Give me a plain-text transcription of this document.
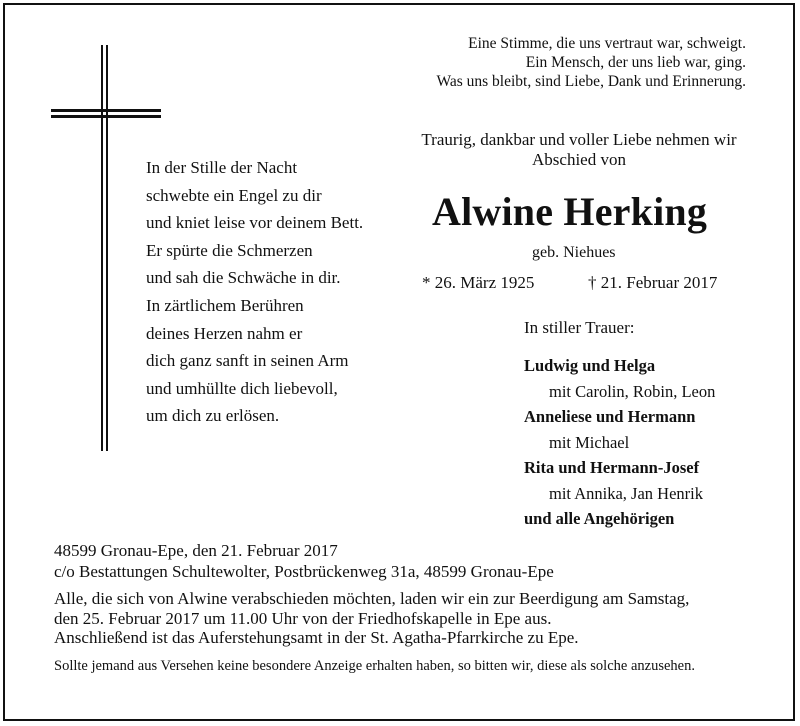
Eine Stimme, die uns vertraut war, schweigt.
Ein Mensch, der uns lieb war, ging.
Was uns bleibt, sind Liebe, Dank und Erinnerung.
Traurig, dankbar und voller Liebe nehmen wir Abschied von
Alwine Herking
geb. Niehues
* 26. März 1925	† 21. Februar 2017
In der Stille der Nacht
schwebte ein Engel zu dir
und kniet leise vor deinem Bett.
Er spürte die Schmerzen
und sah die Schwäche in dir.
In zärtlichem Berühren
deines Herzen nahm er
dich ganz sanft in seinen Arm
und umhüllte dich liebevoll,
um dich zu erlösen.
In stiller Trauer:
Ludwig und Helga
mit Carolin, Robin, Leon
Anneliese und Hermann
mit Michael
Rita und Hermann-Josef
mit Annika, Jan Henrik
und alle Angehörigen
48599 Gronau-Epe, den 21. Februar 2017
c/o Bestattungen Schultewolter, Postbrückenweg 31a, 48599 Gronau-Epe
Alle, die sich von Alwine verabschieden möchten, laden wir ein zur Beerdigung am Samstag,
den 25. Februar 2017 um 11.00 Uhr von der Friedhofskapelle in Epe aus.
Anschließend ist das Auferstehungsamt in der St. Agatha-Pfarrkirche zu Epe.
Sollte jemand aus Versehen keine besondere Anzeige erhalten haben, so bitten wir, diese als solche anzusehen.
